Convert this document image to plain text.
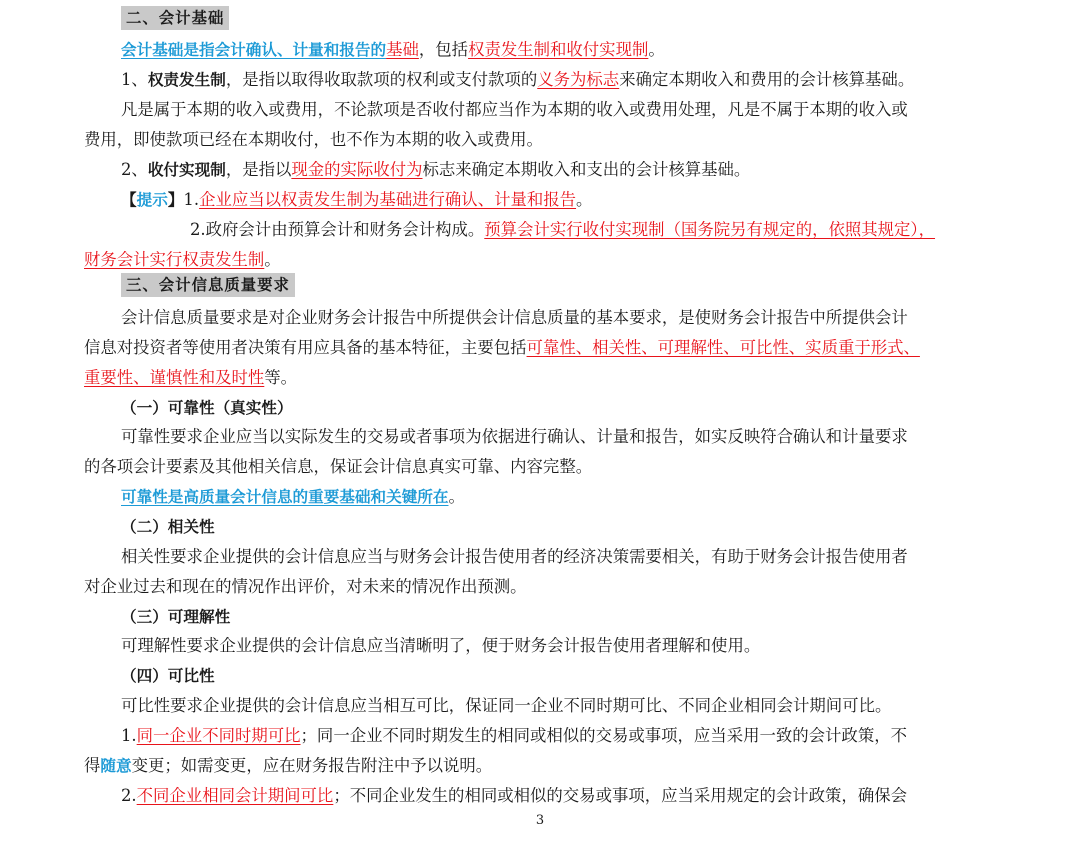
二、会计基础
会计基础是指会计确认、计量和报告的基础，包括权责发生制和收付实现制。
1、权责发生制，是指以取得收取款项的权利或支付款项的义务为标志来确定本期收入和费用的会计核算基础。
凡是属于本期的收入或费用，不论款项是否收付都应当作为本期的收入或费用处理，凡是不属于本期的收入或
费用，即使款项已经在本期收付，也不作为本期的收入或费用。
2、收付实现制，是指以现金的实际收付为标志来确定本期收入和支出的会计核算基础。
【提示】1.企业应当以权责发生制为基础进行确认、计量和报告。
2.政府会计由预算会计和财务会计构成。预算会计实行收付实现制（国务院另有规定的，依照其规定），
财务会计实行权责发生制。
三、会计信息质量要求
会计信息质量要求是对企业财务会计报告中所提供会计信息质量的基本要求，是使财务会计报告中所提供会计
信息对投资者等使用者决策有用应具备的基本特征，主要包括可靠性、相关性、可理解性、可比性、实质重于形式、
重要性、谨慎性和及时性等。
（一）可靠性（真实性）
可靠性要求企业应当以实际发生的交易或者事项为依据进行确认、计量和报告，如实反映符合确认和计量要求
的各项会计要素及其他相关信息，保证会计信息真实可靠、内容完整。
可靠性是高质量会计信息的重要基础和关键所在。
（二）相关性
相关性要求企业提供的会计信息应当与财务会计报告使用者的经济决策需要相关，有助于财务会计报告使用者
对企业过去和现在的情况作出评价，对未来的情况作出预测。
（三）可理解性
可理解性要求企业提供的会计信息应当清晰明了，便于财务会计报告使用者理解和使用。
（四）可比性
可比性要求企业提供的会计信息应当相互可比，保证同一企业不同时期可比、不同企业相同会计期间可比。
1.同一企业不同时期可比；同一企业不同时期发生的相同或相似的交易或事项，应当采用一致的会计政策，不
得随意变更；如需变更，应在财务报告附注中予以说明。
2.不同企业相同会计期间可比；不同企业发生的相同或相似的交易或事项，应当采用规定的会计政策，确保会
3
